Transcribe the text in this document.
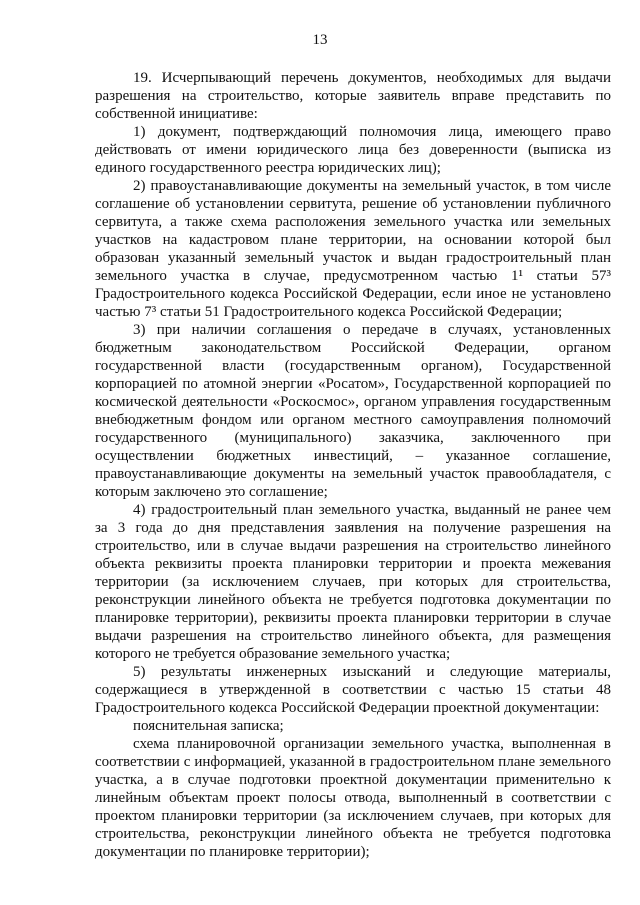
13

19. Исчерпывающий перечень документов, необходимых для выдачи разрешения на строительство, которые заявитель вправе представить по собственной инициативе:

1) документ, подтверждающий полномочия лица, имеющего право действовать от имени юридического лица без доверенности (выписка из единого государственного реестра юридических лиц);

2) правоустанавливающие документы на земельный участок, в том числе соглашение об установлении сервитута, решение об установлении публичного сервитута, а также схема расположения земельного участка или земельных участков на кадастровом плане территории, на основании которой был образован указанный земельный участок и выдан градостроительный план земельного участка в случае, предусмотренном частью 1¹ статьи 57³ Градостроительного кодекса Российской Федерации, если иное не установлено частью 7³ статьи 51 Градостроительного кодекса Российской Федерации;

3) при наличии соглашения о передаче в случаях, установленных бюджетным законодательством Российской Федерации, органом государственной власти (государственным органом), Государственной корпорацией по атомной энергии «Росатом», Государственной корпорацией по космической деятельности «Роскосмос», органом управления государственным внебюджетным фондом или органом местного самоуправления полномочий государственного (муниципального) заказчика, заключенного при осуществлении бюджетных инвестиций, – указанное соглашение, правоустанавливающие документы на земельный участок правообладателя, с которым заключено это соглашение;

4) градостроительный план земельного участка, выданный не ранее чем за 3 года до дня представления заявления на получение разрешения на строительство, или в случае выдачи разрешения на строительство линейного объекта реквизиты проекта планировки территории и проекта межевания территории (за исключением случаев, при которых для строительства, реконструкции линейного объекта не требуется подготовка документации по планировке территории), реквизиты проекта планировки территории в случае выдачи разрешения на строительство линейного объекта, для размещения которого не требуется образование земельного участка;

5) результаты инженерных изысканий и следующие материалы, содержащиеся в утвержденной в соответствии с частью 15 статьи 48 Градостроительного кодекса Российской Федерации проектной документации:

пояснительная записка;

схема планировочной организации земельного участка, выполненная в соответствии с информацией, указанной в градостроительном плане земельного участка, а в случае подготовки проектной документации применительно к линейным объектам проект полосы отвода, выполненный в соответствии с проектом планировки территории (за исключением случаев, при которых для строительства, реконструкции линейного объекта не требуется подготовка документации по планировке территории);
